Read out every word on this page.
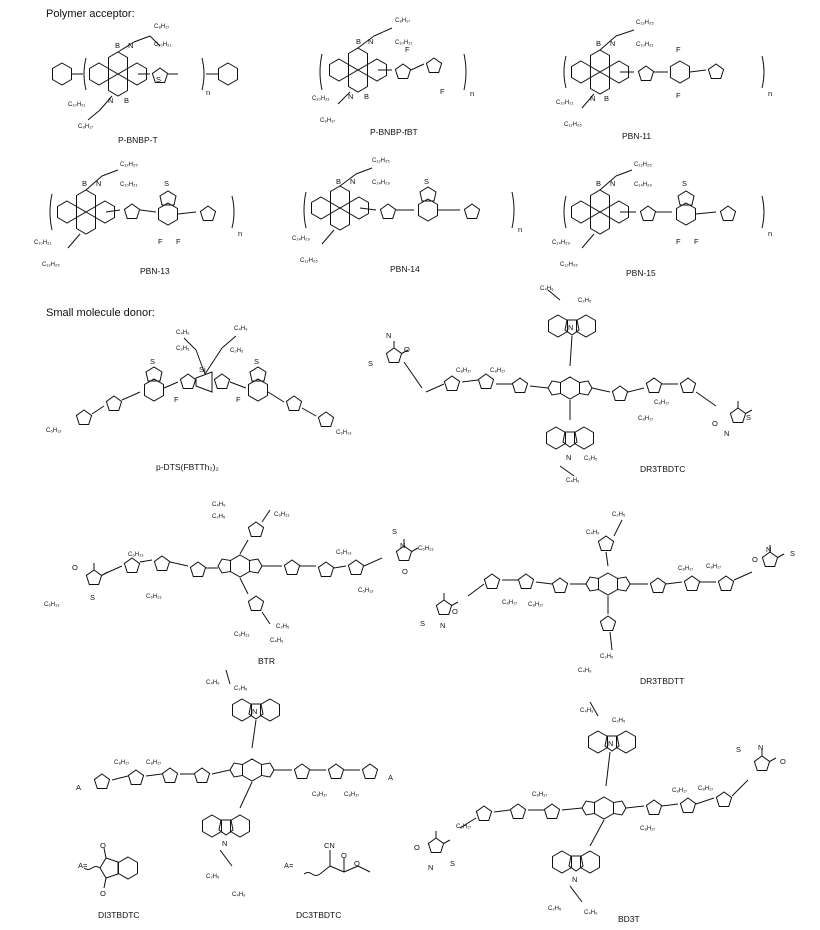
Polymer acceptor:
Small molecule donor:
B N
N B
S
n
C₈H₁₇
C₁₀H₂₁
C₁₀H₂₁
C₈H₁₇
P-BNBP-T
B N
N B
F
F	n
C₈H₁₇
C₁₀H₂₁
C₁₀H₂₁
C₈H₁₇
P-BNBP-fBT
B N
N B
F
F	n
C₁₂H₂₅
C₁₀H₂₁
C₁₀H₂₁
C₁₂H₂₅
PBN-11
B N	S
F F
n
C₁₂H₂₅
C₁₀H₂₁
C₁₀H₂₁
C₁₂H₂₅
PBN-13
B N	S
n
C₁₂H₂₅
C₁₄H₂₉
C₁₄H₂₉
C₁₂H₂₅
PBN-14
B N	S
F F
n
C₁₂H₂₅
C₁₄H₂₉
C₁₄H₂₉
C₁₂H₂₅
PBN-15
Si
S	S
F	F
C₄H₉
C₄H₉
C₂H₅	C₂H₅
C₆H₁₃	C₆H₁₃
p-DTS(FBTTh₂)₂
N
N
N
O
S
S
N
O
C₄H₉
C₂H₅
C₈H₁₇	C₈H₁₇
C₈H₁₇
C₈H₁₇
C₂H₅
C₄H₉
DR3TBDTC
N
S
O
S
O
C₄H₉
C₂H₅	C₆H₁₃
C₆H₁₃
C₆H₁₃
C₆H₁₃
C₆H₁₃
C₆H₁₃
C₆H₁₃
C₆H₁₃
C₂H₅
C₄H₉
BTR
N
O
S
N
O
S
C₂H₅
C₄H₉
C₂H₅
C₄H₉
C₈H₁₇ C₈H₁₇
C₈H₁₇ C₈H₁₇
DR3TBDTT
N
N
A
A
C₄H₉
C₂H₅
C₈H₁₇	C₈H₁₇
C₈H₁₇	C₈H₁₇
C₂H₅
C₄H₉
A=
O
O
DI3TBDTC
A=
CN
O
O
DC3TBDTC
N
N
N
O
S
N
O
S
C₄H₉
C₂H₅
C₈H₁₇
C₈H₁₇	C₈H₁₇
C₈H₁₇ C₈H₁₇
C₂H₅
C₄H₉
BD3T
